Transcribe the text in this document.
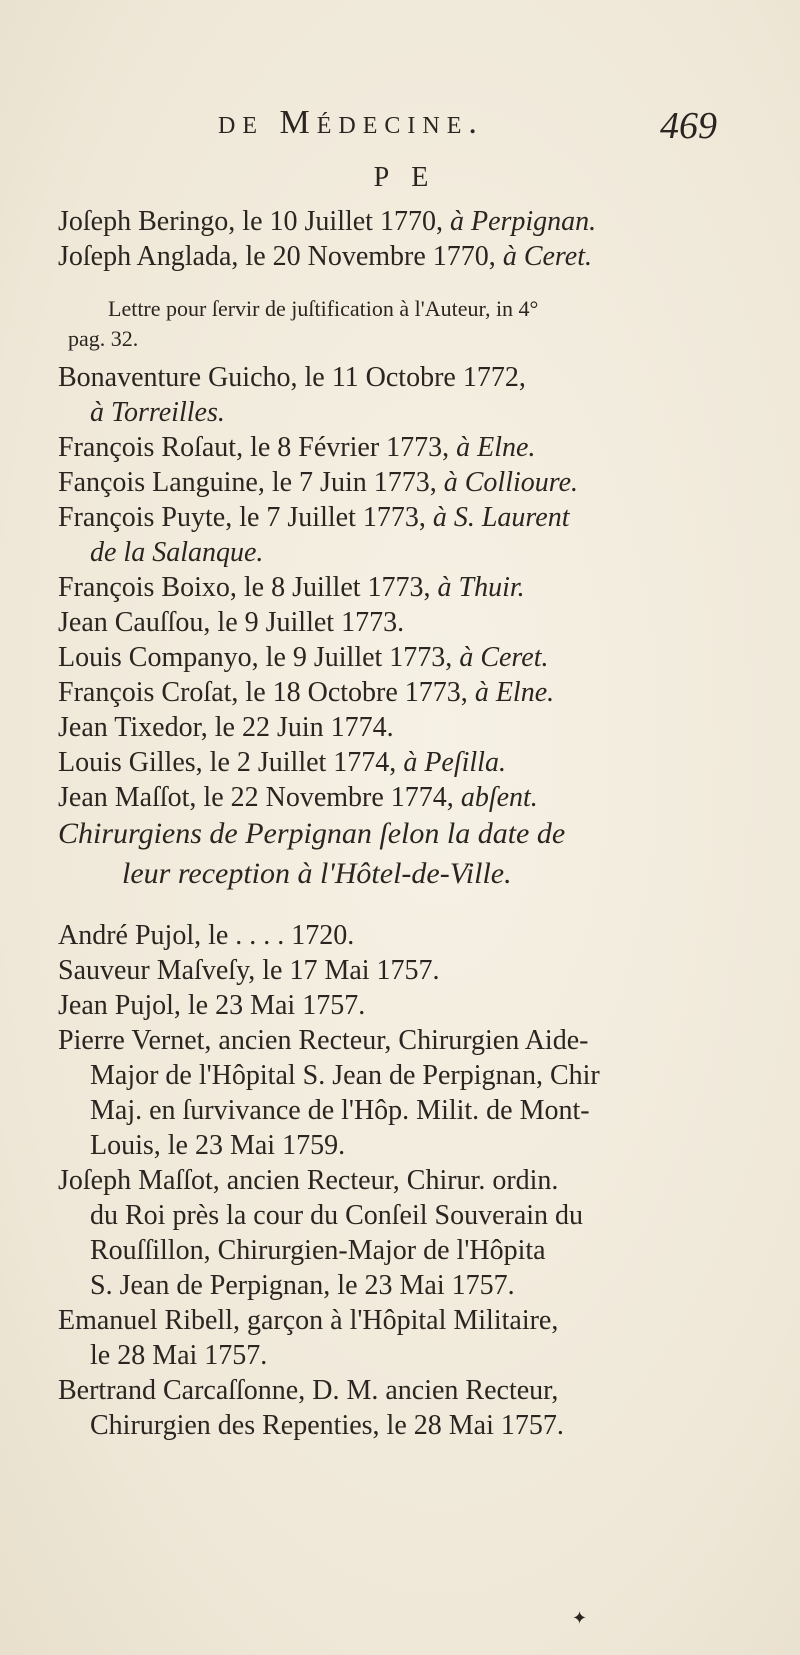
de Médecine.	469
P E

Joſeph Beringo, le 10 Juillet 1770, à Perpignan.

Joſeph Anglada, le 20 Novembre 1770, à Ceret.

Lettre pour ſervir de juſtification à l'Auteur, in 4°
pag. 32.

Bonaventure Guicho, le 11 Octobre 1772,
à Torreilles.

François Roſaut, le 8 Février 1773, à Elne.

Fançois Languine, le 7 Juin 1773, à Collioure.

François Puyte, le 7 Juillet 1773, à S. Laurent
de la Salanque.

François Boixo, le 8 Juillet 1773, à Thuir.

Jean Cauſſou, le 9 Juillet 1773.

Louis Companyo, le 9 Juillet 1773, à Ceret.

François Croſat, le 18 Octobre 1773, à Elne.

Jean Tixedor, le 22 Juin 1774.

Louis Gilles, le 2 Juillet 1774, à Peſilla.

Jean Maſſot, le 22 Novembre 1774, abſent.

Chirurgiens de Perpignan ſelon la date de
leur reception à l'Hôtel-de-Ville.

André Pujol, le . . . . 1720.

Sauveur Maſveſy, le 17 Mai 1757.

Jean Pujol, le 23 Mai 1757.

Pierre Vernet, ancien Recteur, Chirurgien Aide-
Major de l'Hôpital S. Jean de Perpignan, Chir
Maj. en ſurvivance de l'Hôp. Milit. de Mont-
Louis, le 23 Mai 1759.

Joſeph Maſſot, ancien Recteur, Chirur. ordin.
du Roi près la cour du Conſeil Souverain du
Rouſſillon, Chirurgien-Major de l'Hôpita
S. Jean de Perpignan, le 23 Mai 1757.

Emanuel Ribell, garçon à l'Hôpital Militaire,
le 28 Mai 1757.

Bertrand Carcaſſonne, D. M. ancien Recteur,
Chirurgien des Repenties, le 28 Mai 1757.

✦
